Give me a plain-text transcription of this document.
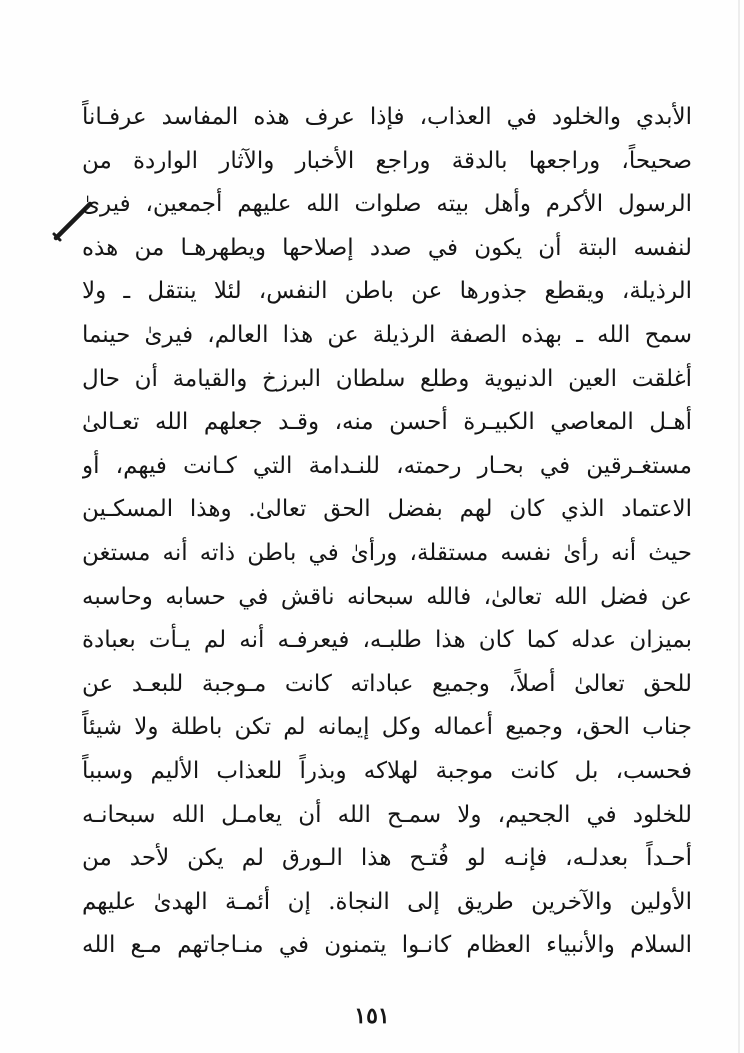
الأبدي والخلود في العذاب، فإذا عرف هذه المفاسد عرفـاناً
صحيحاً، وراجعها بالدقة وراجع الأخبار والآثار الواردة من
الرسول الأكرم وأهل بيته صلوات الله عليهم أجمعين، فيرىٰ
لنفسه البتة أن يكون في صدد إصلاحها ويطهرهـا من هذه
الرذيلة، ويقطع جذورها عن باطن النفس، لئلا ينتقل ـ ولا
سمح الله ـ بهذه الصفة الرذيلة عن هذا العالم، فيرىٰ حينما
أغلقت العين الدنيوية وطلع سلطان البرزخ والقيامة أن حال
أهـل المعاصي الكبيـرة أحسن منه، وقـد جعلهم الله تعـالىٰ
مستغـرقين في بحـار رحمته، للنـدامة التي كـانت فيهم، أو
الاعتماد الذي كان لهم بفضل الحق تعالىٰ. وهذا المسكـين
حيث أنه رأىٰ نفسه مستقلة، ورأىٰ في باطن ذاته أنه مستغن
عن فضل الله تعالىٰ، فالله سبحانه ناقش في حسابه وحاسبه
بميزان عدله كما كان هذا طلبـه، فيعرفـه أنه لم يـأت بعبادة
للحق تعالىٰ أصلاً، وجميع عباداته كانت مـوجبة للبعـد عن
جناب الحق، وجميع أعماله وكل إيمانه لم تكن باطلة ولا شيئاً
فحسب، بل كانت موجبة لهلاكه وبذراً للعذاب الأليم وسبباً
للخلود في الجحيم، ولا سمـح الله أن يعامـل الله سبحانـه
أحـداً بعدلـه، فإنـه لو فُتـح هذا الـورق لم يكن لأحد من
الأولين والآخرين طريق إلى النجاة. إن أئمـة الهدىٰ عليهم
السلام والأنبياء العظام كانـوا يتمنون في منـاجاتهم مـع الله
١٥١
